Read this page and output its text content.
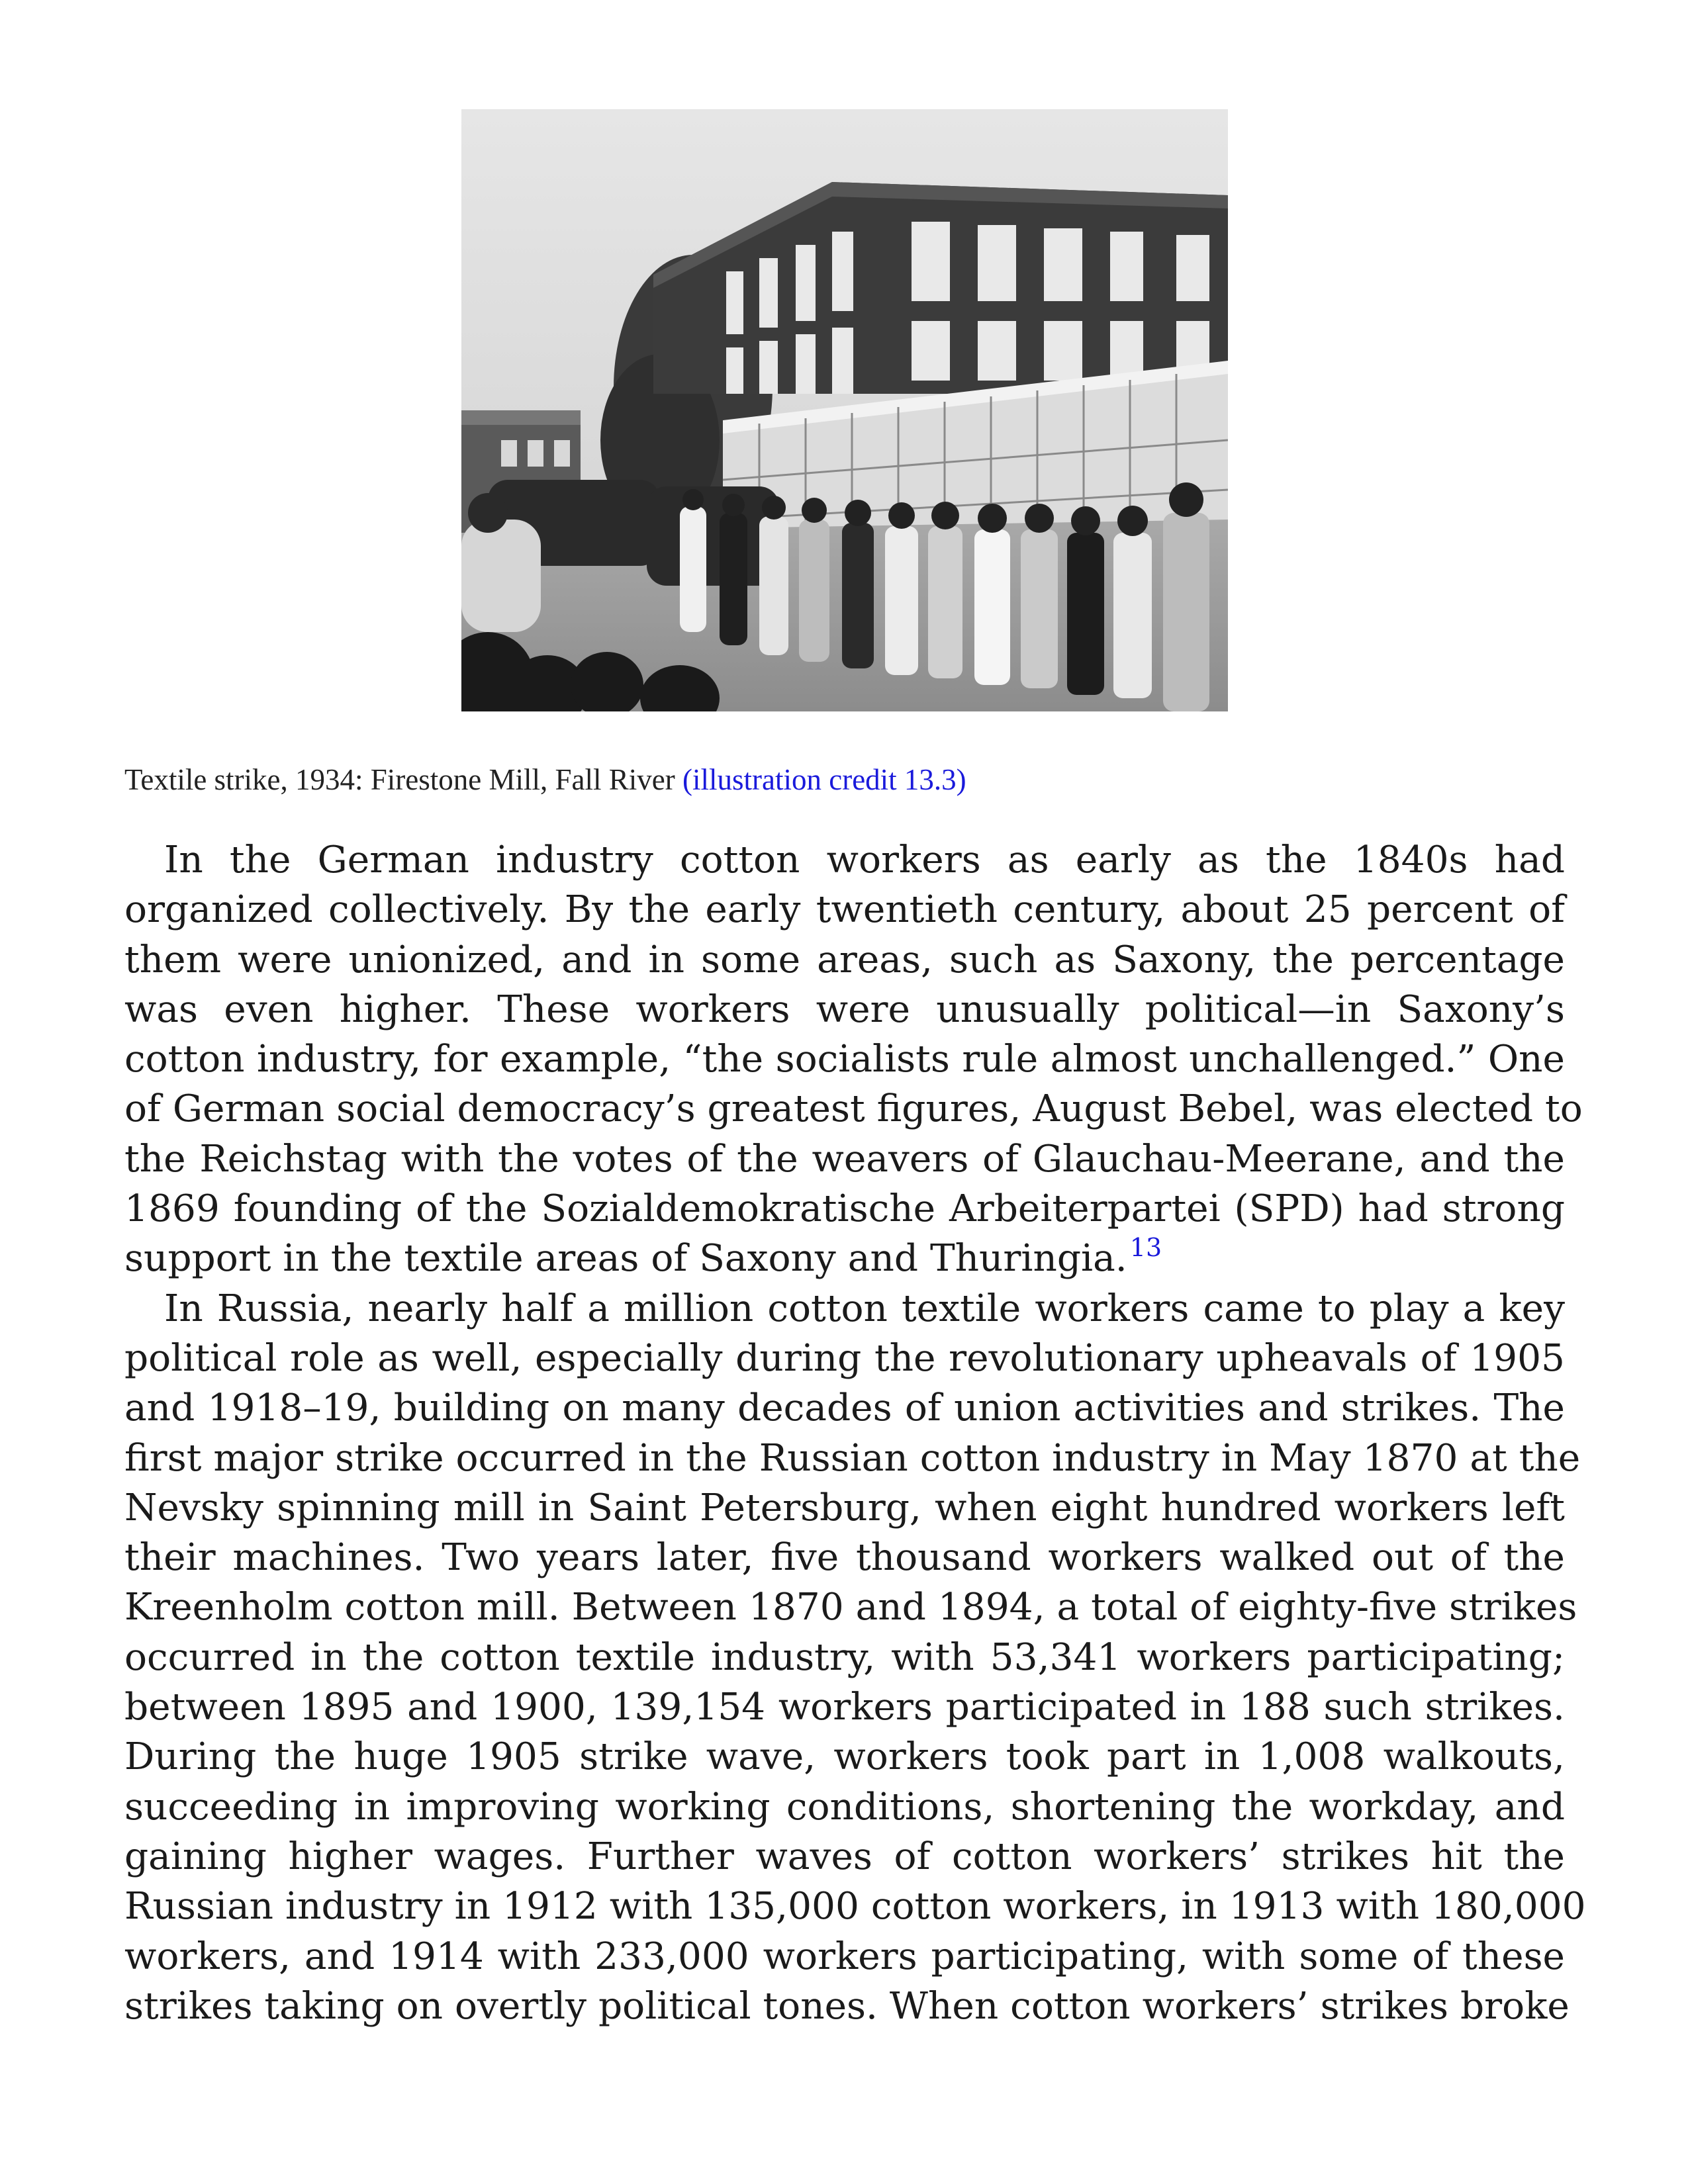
Textile strike, 1934: Firestone Mill, Fall River (illustration credit 13.3)
In the German industry cotton workers as early as the 1840s had
organized collectively. By the early twentieth century, about 25 percent of
them were unionized, and in some areas, such as Saxony, the percentage
was even higher. These workers were unusually political—in Saxony’s
cotton industry, for example, “the socialists rule almost unchallenged.” One
of German social democracy’s greatest figures, August Bebel, was elected to
the Reichstag with the votes of the weavers of Glauchau-Meerane, and the
1869 founding of the Sozialdemokratische Arbeiterpartei (SPD) had strong
support in the textile areas of Saxony and Thuringia. $^{13}$
In Russia, nearly half a million cotton textile workers came to play a key
political role as well, especially during the revolutionary upheavals of 1905
and 1918–19, building on many decades of union activities and strikes. The
first major strike occurred in the Russian cotton industry in May 1870 at the
Nevsky spinning mill in Saint Petersburg, when eight hundred workers left
their machines. Two years later, five thousand workers walked out of the
Kreenholm cotton mill. Between 1870 and 1894, a total of eighty-five strikes
occurred in the cotton textile industry, with 53,341 workers participating;
between 1895 and 1900, 139,154 workers participated in 188 such strikes.
During the huge 1905 strike wave, workers took part in 1,008 walkouts,
succeeding in improving working conditions, shortening the workday, and
gaining higher wages. Further waves of cotton workers’ strikes hit the
Russian industry in 1912 with 135,000 cotton workers, in 1913 with 180,000
workers, and 1914 with 233,000 workers participating, with some of these
strikes taking on overtly political tones. When cotton workers’ strikes broke
